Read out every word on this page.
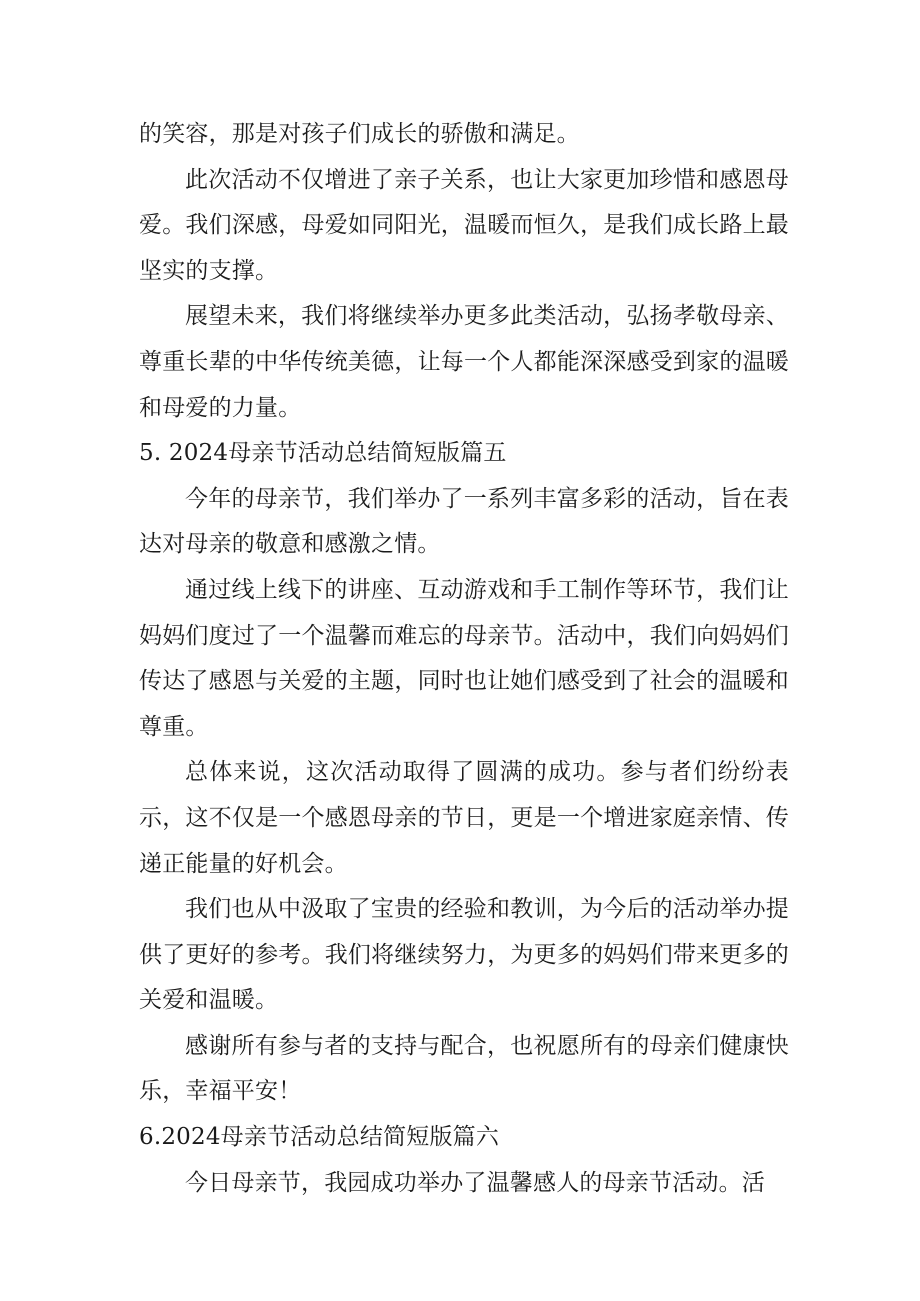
的笑容，那是对孩子们成长的骄傲和满足。

此次活动不仅增进了亲子关系，也让大家更加珍惜和感恩母爱。我们深感，母爱如同阳光，温暖而恒久，是我们成长路上最坚实的支撑。

展望未来，我们将继续举办更多此类活动，弘扬孝敬母亲、尊重长辈的中华传统美德，让每一个人都能深深感受到家的温暖和母爱的力量。

5. 2024母亲节活动总结简短版篇五

今年的母亲节，我们举办了一系列丰富多彩的活动，旨在表达对母亲的敬意和感激之情。

通过线上线下的讲座、互动游戏和手工制作等环节，我们让妈妈们度过了一个温馨而难忘的母亲节。活动中，我们向妈妈们传达了感恩与关爱的主题，同时也让她们感受到了社会的温暖和尊重。

总体来说，这次活动取得了圆满的成功。参与者们纷纷表示，这不仅是一个感恩母亲的节日，更是一个增进家庭亲情、传递正能量的好机会。

我们也从中汲取了宝贵的经验和教训，为今后的活动举办提供了更好的参考。我们将继续努力，为更多的妈妈们带来更多的关爱和温暖。

感谢所有参与者的支持与配合，也祝愿所有的母亲们健康快乐，幸福平安！

6.2024母亲节活动总结简短版篇六

今日母亲节，我园成功举办了温馨感人的母亲节活动。活
